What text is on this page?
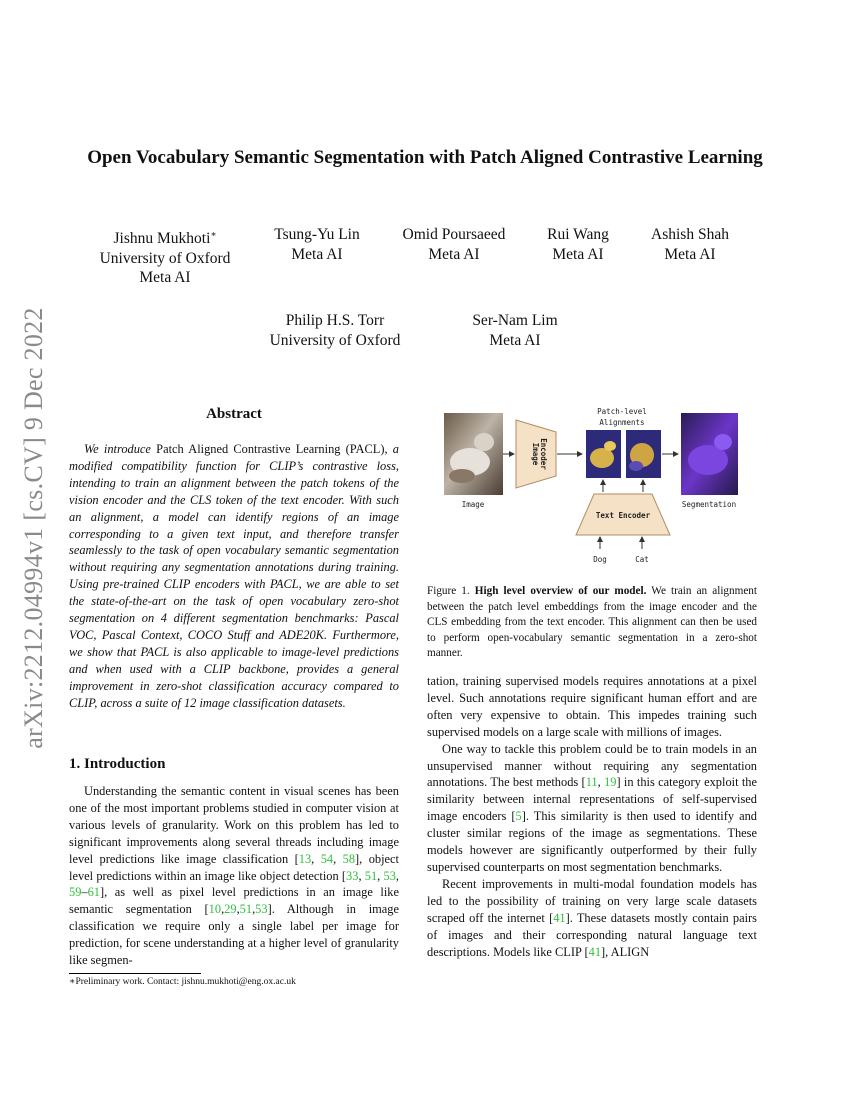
arXiv:2212.04994v1 [cs.CV] 9 Dec 2022
Open Vocabulary Semantic Segmentation with Patch Aligned Contrastive Learning
Jishnu Mukhoti∗
University of Oxford
Meta AI
Tsung-Yu Lin
Meta AI
Omid Poursaeed
Meta AI
Rui Wang
Meta AI
Ashish Shah
Meta AI
Philip H.S. Torr
University of Oxford
Ser-Nam Lim
Meta AI
Abstract

We introduce Patch Aligned Contrastive Learning (PACL), a modified compatibility function for CLIP’s contrastive loss, intending to train an alignment between the patch tokens of the vision encoder and the CLS token of the text encoder. With such an alignment, a model can identify regions of an image corresponding to a given text input, and therefore transfer seamlessly to the task of open vocabulary semantic segmentation without requiring any segmentation annotations during training. Using pre-trained CLIP encoders with PACL, we are able to set the state-of-the-art on the task of open vocabulary zero-shot segmentation on 4 different segmentation benchmarks: Pascal VOC, Pascal Context, COCO Stuff and ADE20K. Furthermore, we show that PACL is also applicable to image-level predictions and when used with a CLIP backbone, provides a general improvement in zero-shot classification accuracy compared to CLIP, across a suite of 12 image classification datasets.

1. Introduction

Understanding the semantic content in visual scenes has been one of the most important problems studied in computer vision at various levels of granularity. Work on this problem has led to significant improvements along several threads including image level predictions like image classification [13, 54, 58], object level predictions within an image like object detection [33, 51, 53, 59–61], as well as pixel level predictions in an image like semantic segmentation [10,29,51,53]. Although in image classification we require only a single label per image for prediction, for scene understanding at a higher level of granularity like segmen-

∗Preliminary work. Contact: jishnu.mukhoti@eng.ox.ac.uk
Image
Image Encoder
Patch-level
Alignments
Segmentation
Text Encoder
Dog	Cat
Figure 1. High level overview of our model. We train an alignment between the patch level embeddings from the image encoder and the CLS embedding from the text encoder. This alignment can then be used to perform open-vocabulary semantic segmentation in a zero-shot manner.

tation, training supervised models requires annotations at a pixel level. Such annotations require significant human effort and are often very expensive to obtain. This impedes training such supervised models on a large scale with millions of images.

One way to tackle this problem could be to train models in an unsupervised manner without requiring any segmentation annotations. The best methods [11, 19] in this category exploit the similarity between internal representations of self-supervised image encoders [5]. This similarity is then used to identify and cluster similar regions of the image as segmentations. These models however are significantly outperformed by their fully supervised counterparts on most segmentation benchmarks.

Recent improvements in multi-modal foundation models has led to the possibility of training on very large scale datasets scraped off the internet [41]. These datasets mostly contain pairs of images and their corresponding natural language text descriptions. Models like CLIP [41], ALIGN
